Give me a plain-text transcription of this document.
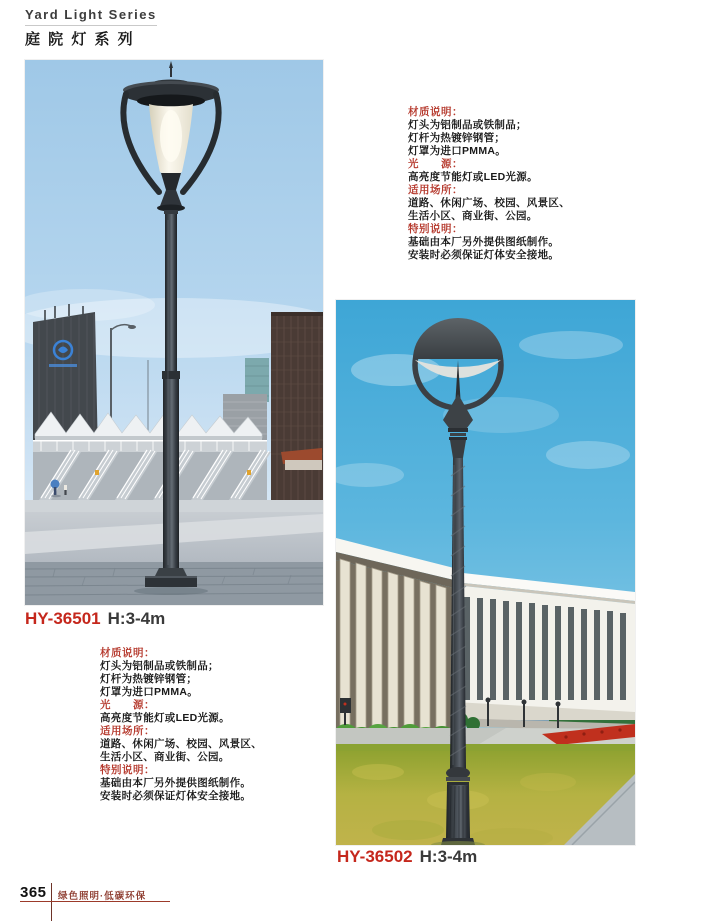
Yard Light Series
庭 院 灯 系 列
HY-36501 H:3-4m
HY-36502 H:3-4m
材质说明：
灯头为铝制品或铁制品；
灯杆为热镀锌钢管；
灯罩为进口PMMA。
光　　源：
高亮度节能灯或LED光源。
适用场所：
道路、休闲广场、校园、风景区、
生活小区、商业街、公园。
特别说明：
基础由本厂另外提供图纸制作。
安装时必须保证灯体安全接地。
材质说明：
灯头为铝制品或铁制品；
灯杆为热镀锌钢管；
灯罩为进口PMMA。
光　　源：
高亮度节能灯或LED光源。
适用场所：
道路、休闲广场、校园、风景区、
生活小区、商业街、公园。
特别说明：
基础由本厂另外提供图纸制作。
安装时必须保证灯体安全接地。
365 绿色照明·低碳环保
